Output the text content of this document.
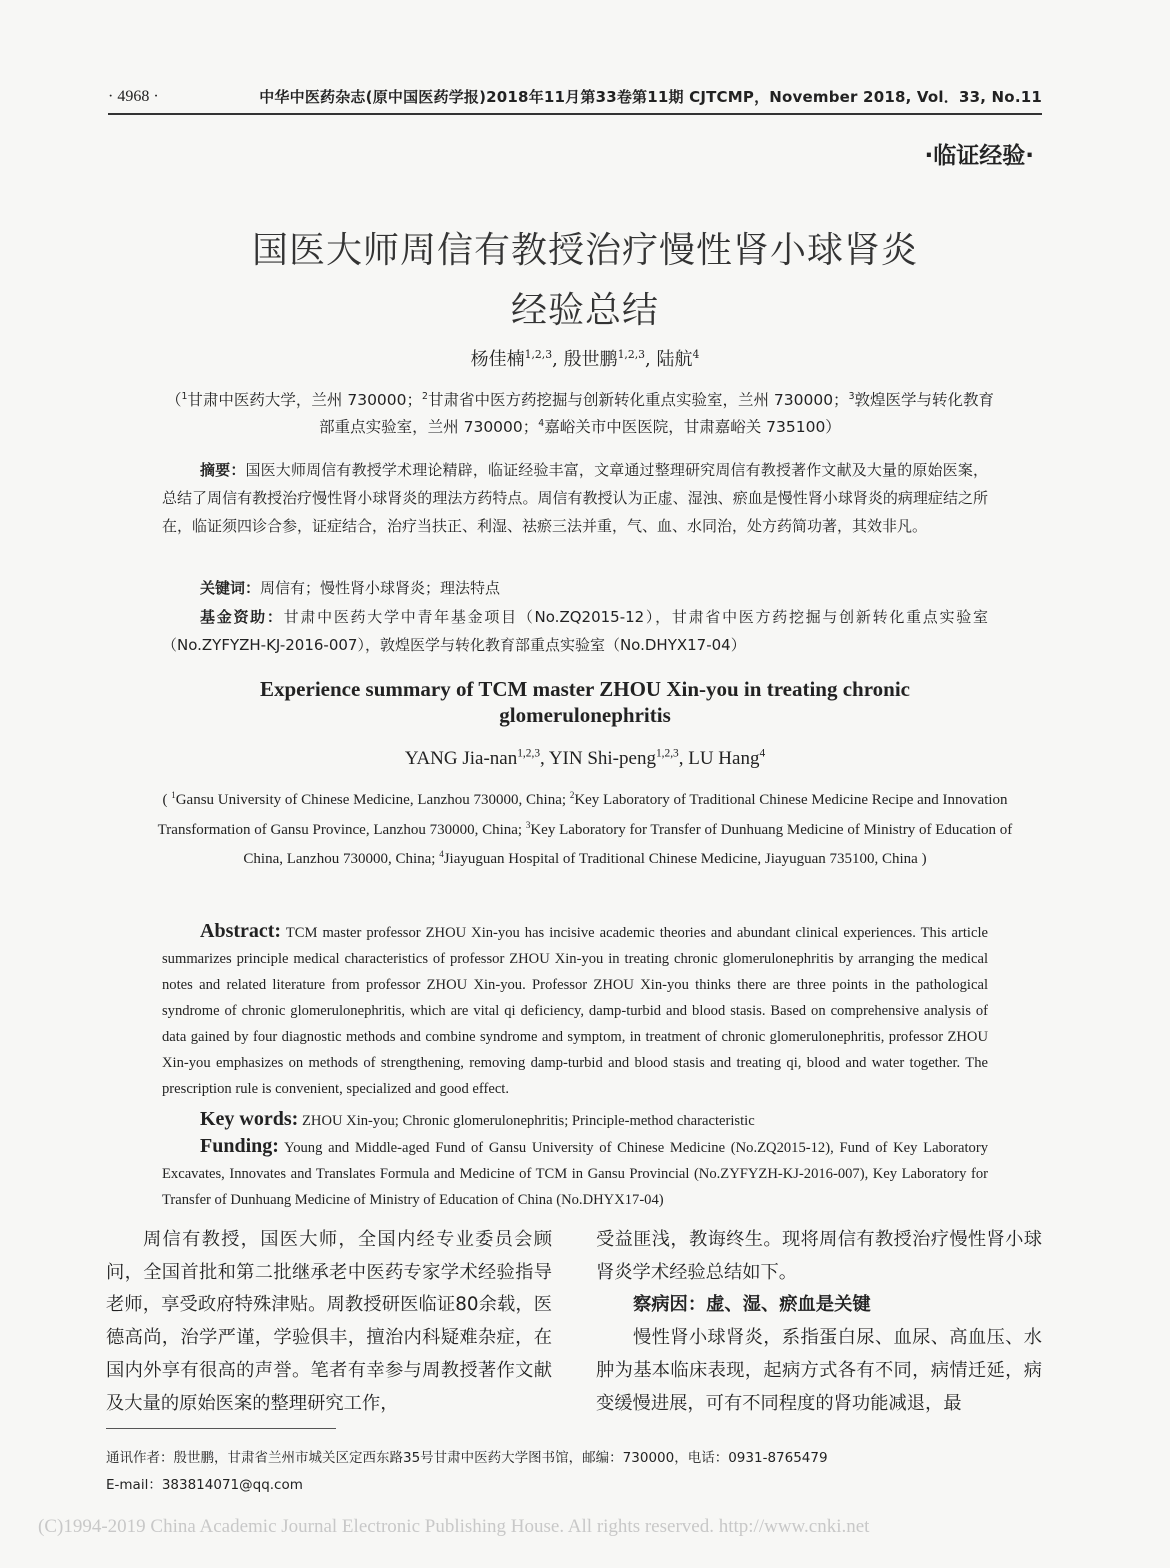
· 4968 ·	中华中医药杂志(原中国医药学报)2018年11月第33卷第11期 CJTCMP，November 2018, Vol．33, No.11
·临证经验·
国医大师周信有教授治疗慢性肾小球肾炎
经验总结
杨佳楠$^{1,2,3}$, 殷世鹏$^{1,2,3}$, 陆航$^4$
（$^1$甘肃中医药大学，兰州 730000；$^2$甘肃省中医方药挖掘与创新转化重点实验室，兰州 730000；$^3$敦煌医学与转化教育部重点实验室，兰州 730000；$^4$嘉峪关市中医医院，甘肃嘉峪关 735100）
摘要：国医大师周信有教授学术理论精辟，临证经验丰富，文章通过整理研究周信有教授著作文献及大量的原始医案，总结了周信有教授治疗慢性肾小球肾炎的理法方药特点。周信有教授认为正虚、湿浊、瘀血是慢性肾小球肾炎的病理症结之所在，临证须四诊合参，证症结合，治疗当扶正、利湿、祛瘀三法并重，气、血、水同治，处方药简功著，其效非凡。
关键词：周信有；慢性肾小球肾炎；理法特点
基金资助：甘肃中医药大学中青年基金项目（No.ZQ2015-12），甘肃省中医方药挖掘与创新转化重点实验室（No.ZYFYZH-KJ-2016-007），敦煌医学与转化教育部重点实验室（No.DHYX17-04）
Experience summary of TCM master ZHOU Xin-you in treating chronic
glomerulonephritis
YANG Jia-nan$^{1,2,3}$, YIN Shi-peng$^{1,2,3}$, LU Hang$^4$
( $^1$Gansu University of Chinese Medicine, Lanzhou 730000, China; $^2$Key Laboratory of Traditional Chinese Medicine Recipe and Innovation Transformation of Gansu Province, Lanzhou 730000, China; $^3$Key Laboratory for Transfer of Dunhuang Medicine of Ministry of Education of China, Lanzhou 730000, China; $^4$Jiayuguan Hospital of Traditional Chinese Medicine, Jiayuguan 735100, China )
Abstract: TCM master professor ZHOU Xin-you has incisive academic theories and abundant clinical experiences. This article summarizes principle medical characteristics of professor ZHOU Xin-you in treating chronic glomerulonephritis by arranging the medical notes and related literature from professor ZHOU Xin-you. Professor ZHOU Xin-you thinks there are three points in the pathological syndrome of chronic glomerulonephritis, which are vital qi deficiency, damp-turbid and blood stasis. Based on comprehensive analysis of data gained by four diagnostic methods and combine syndrome and symptom, in treatment of chronic glomerulonephritis, professor ZHOU Xin-you emphasizes on methods of strengthening, removing damp-turbid and blood stasis and treating qi, blood and water together. The prescription rule is convenient, specialized and good effect.
Key words: ZHOU Xin-you; Chronic glomerulonephritis; Principle-method characteristic
Funding: Young and Middle-aged Fund of Gansu University of Chinese Medicine (No.ZQ2015-12), Fund of Key Laboratory Excavates, Innovates and Translates Formula and Medicine of TCM in Gansu Provincial (No.ZYFYZH-KJ-2016-007), Key Laboratory for Transfer of Dunhuang Medicine of Ministry of Education of China (No.DHYX17-04)

周信有教授，国医大师，全国内经专业委员会顾问，全国首批和第二批继承老中医药专家学术经验指导老师，享受政府特殊津贴。周教授研医临证80余载，医德高尚，治学严谨，学验俱丰，擅治内科疑难杂症，在国内外享有很高的声誉。笔者有幸参与周教授著作文献及大量的原始医案的整理研究工作，

受益匪浅，教诲终生。现将周信有教授治疗慢性肾小球肾炎学术经验总结如下。

察病因：虚、湿、瘀血是关键

慢性肾小球肾炎，系指蛋白尿、血尿、高血压、水肿为基本临床表现，起病方式各有不同，病情迁延，病变缓慢进展，可有不同程度的肾功能减退，最

通讯作者：殷世鹏，甘肃省兰州市城关区定西东路35号甘肃中医药大学图书馆，邮编：730000，电话：0931-8765479
E-mail：383814071@qq.com
(C)1994-2019 China Academic Journal Electronic Publishing House. All rights reserved. http://www.cnki.net
